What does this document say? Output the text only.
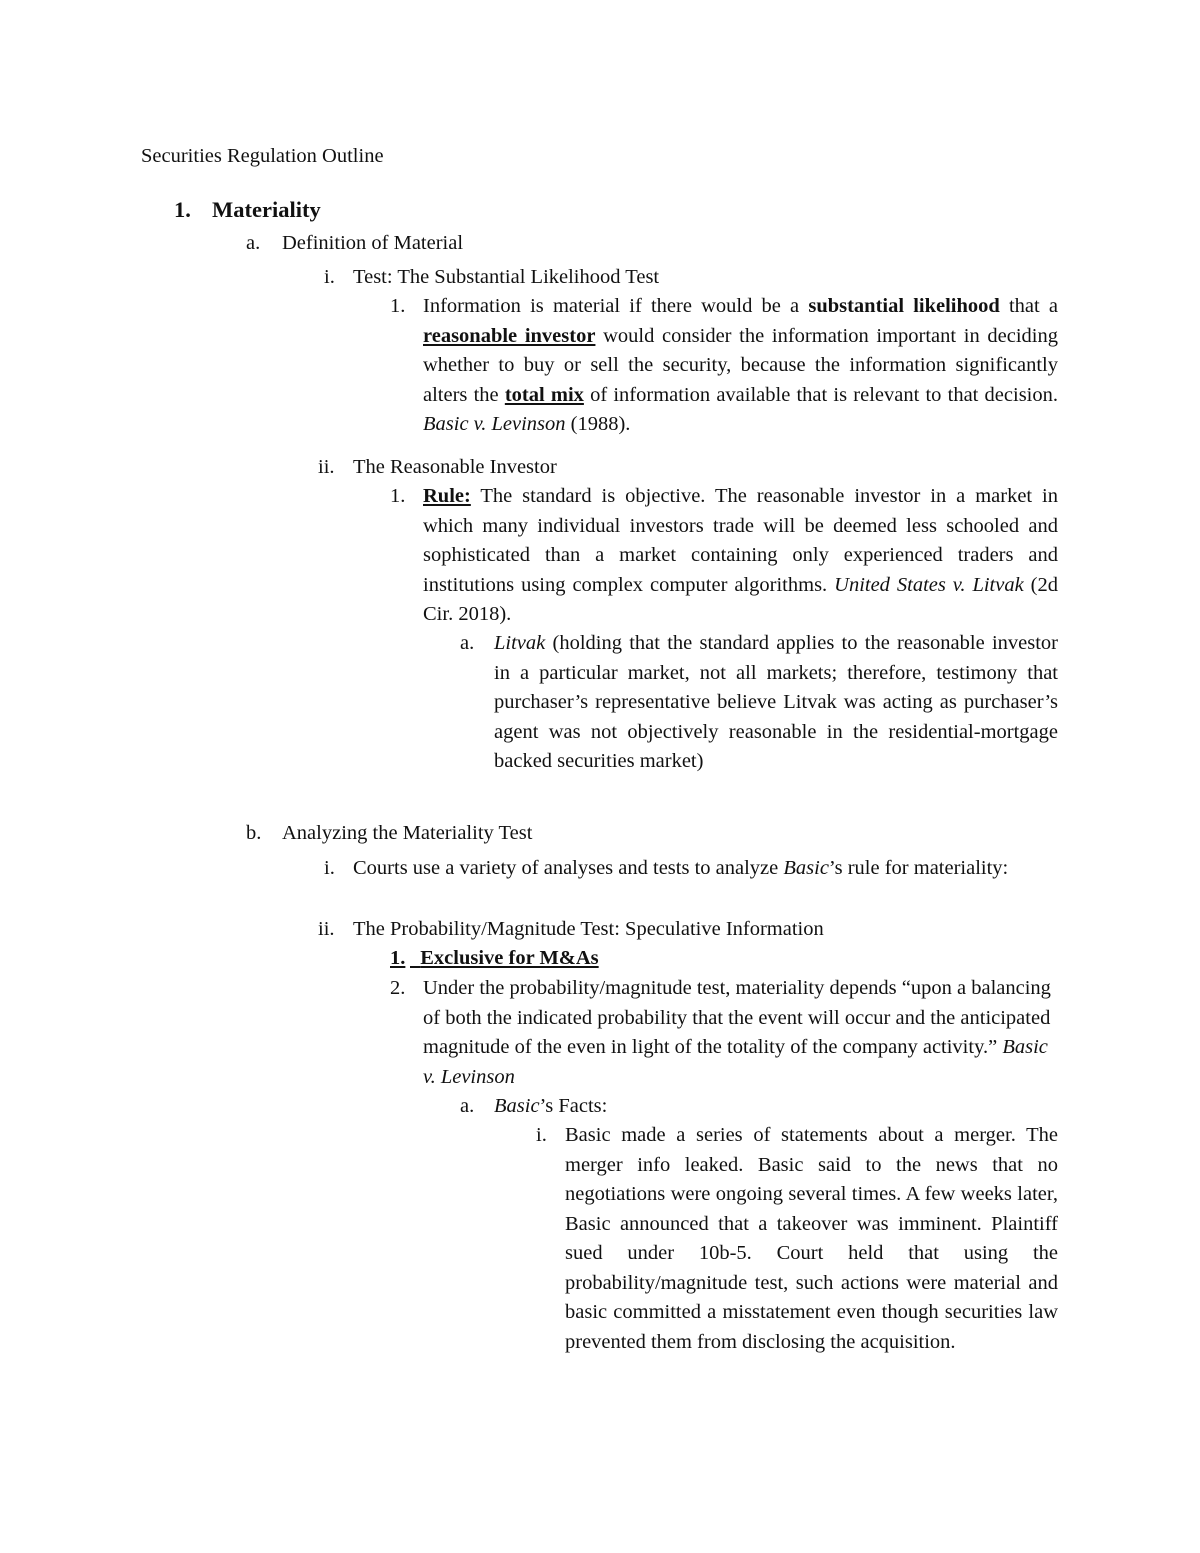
Securities Regulation Outline
1. Materiality
a. Definition of Material
i. Test: The Substantial Likelihood Test
1. Information is material if there would be a substantial likelihood that a reasonable investor would consider the information important in deciding whether to buy or sell the security, because the information significantly alters the total mix of information available that is relevant to that decision. Basic v. Levinson (1988).
ii. The Reasonable Investor
1. Rule: The standard is objective. The reasonable investor in a market in which many individual investors trade will be deemed less schooled and sophisticated than a market containing only experienced traders and institutions using complex computer algorithms. United States v. Litvak (2d Cir. 2018).
a. Litvak (holding that the standard applies to the reasonable investor in a particular market, not all markets; therefore, testimony that purchaser’s representative believe Litvak was acting as purchaser’s agent was not objectively reasonable in the residential-mortgage backed securities market)
b. Analyzing the Materiality Test
i. Courts use a variety of analyses and tests to analyze Basic’s rule for materiality:
ii. The Probability/Magnitude Test: Speculative Information
1. Exclusive for M&As
2. Under the probability/magnitude test, materiality depends “upon a balancing of both the indicated probability that the event will occur and the anticipated magnitude of the even in light of the totality of the company activity.” Basic v. Levinson
a. Basic’s Facts:
i. Basic made a series of statements about a merger. The merger info leaked. Basic said to the news that no negotiations were ongoing several times. A few weeks later, Basic announced that a takeover was imminent. Plaintiff sued under 10b-5. Court held that using the probability/magnitude test, such actions were material and basic committed a misstatement even though securities law prevented them from disclosing the acquisition.
